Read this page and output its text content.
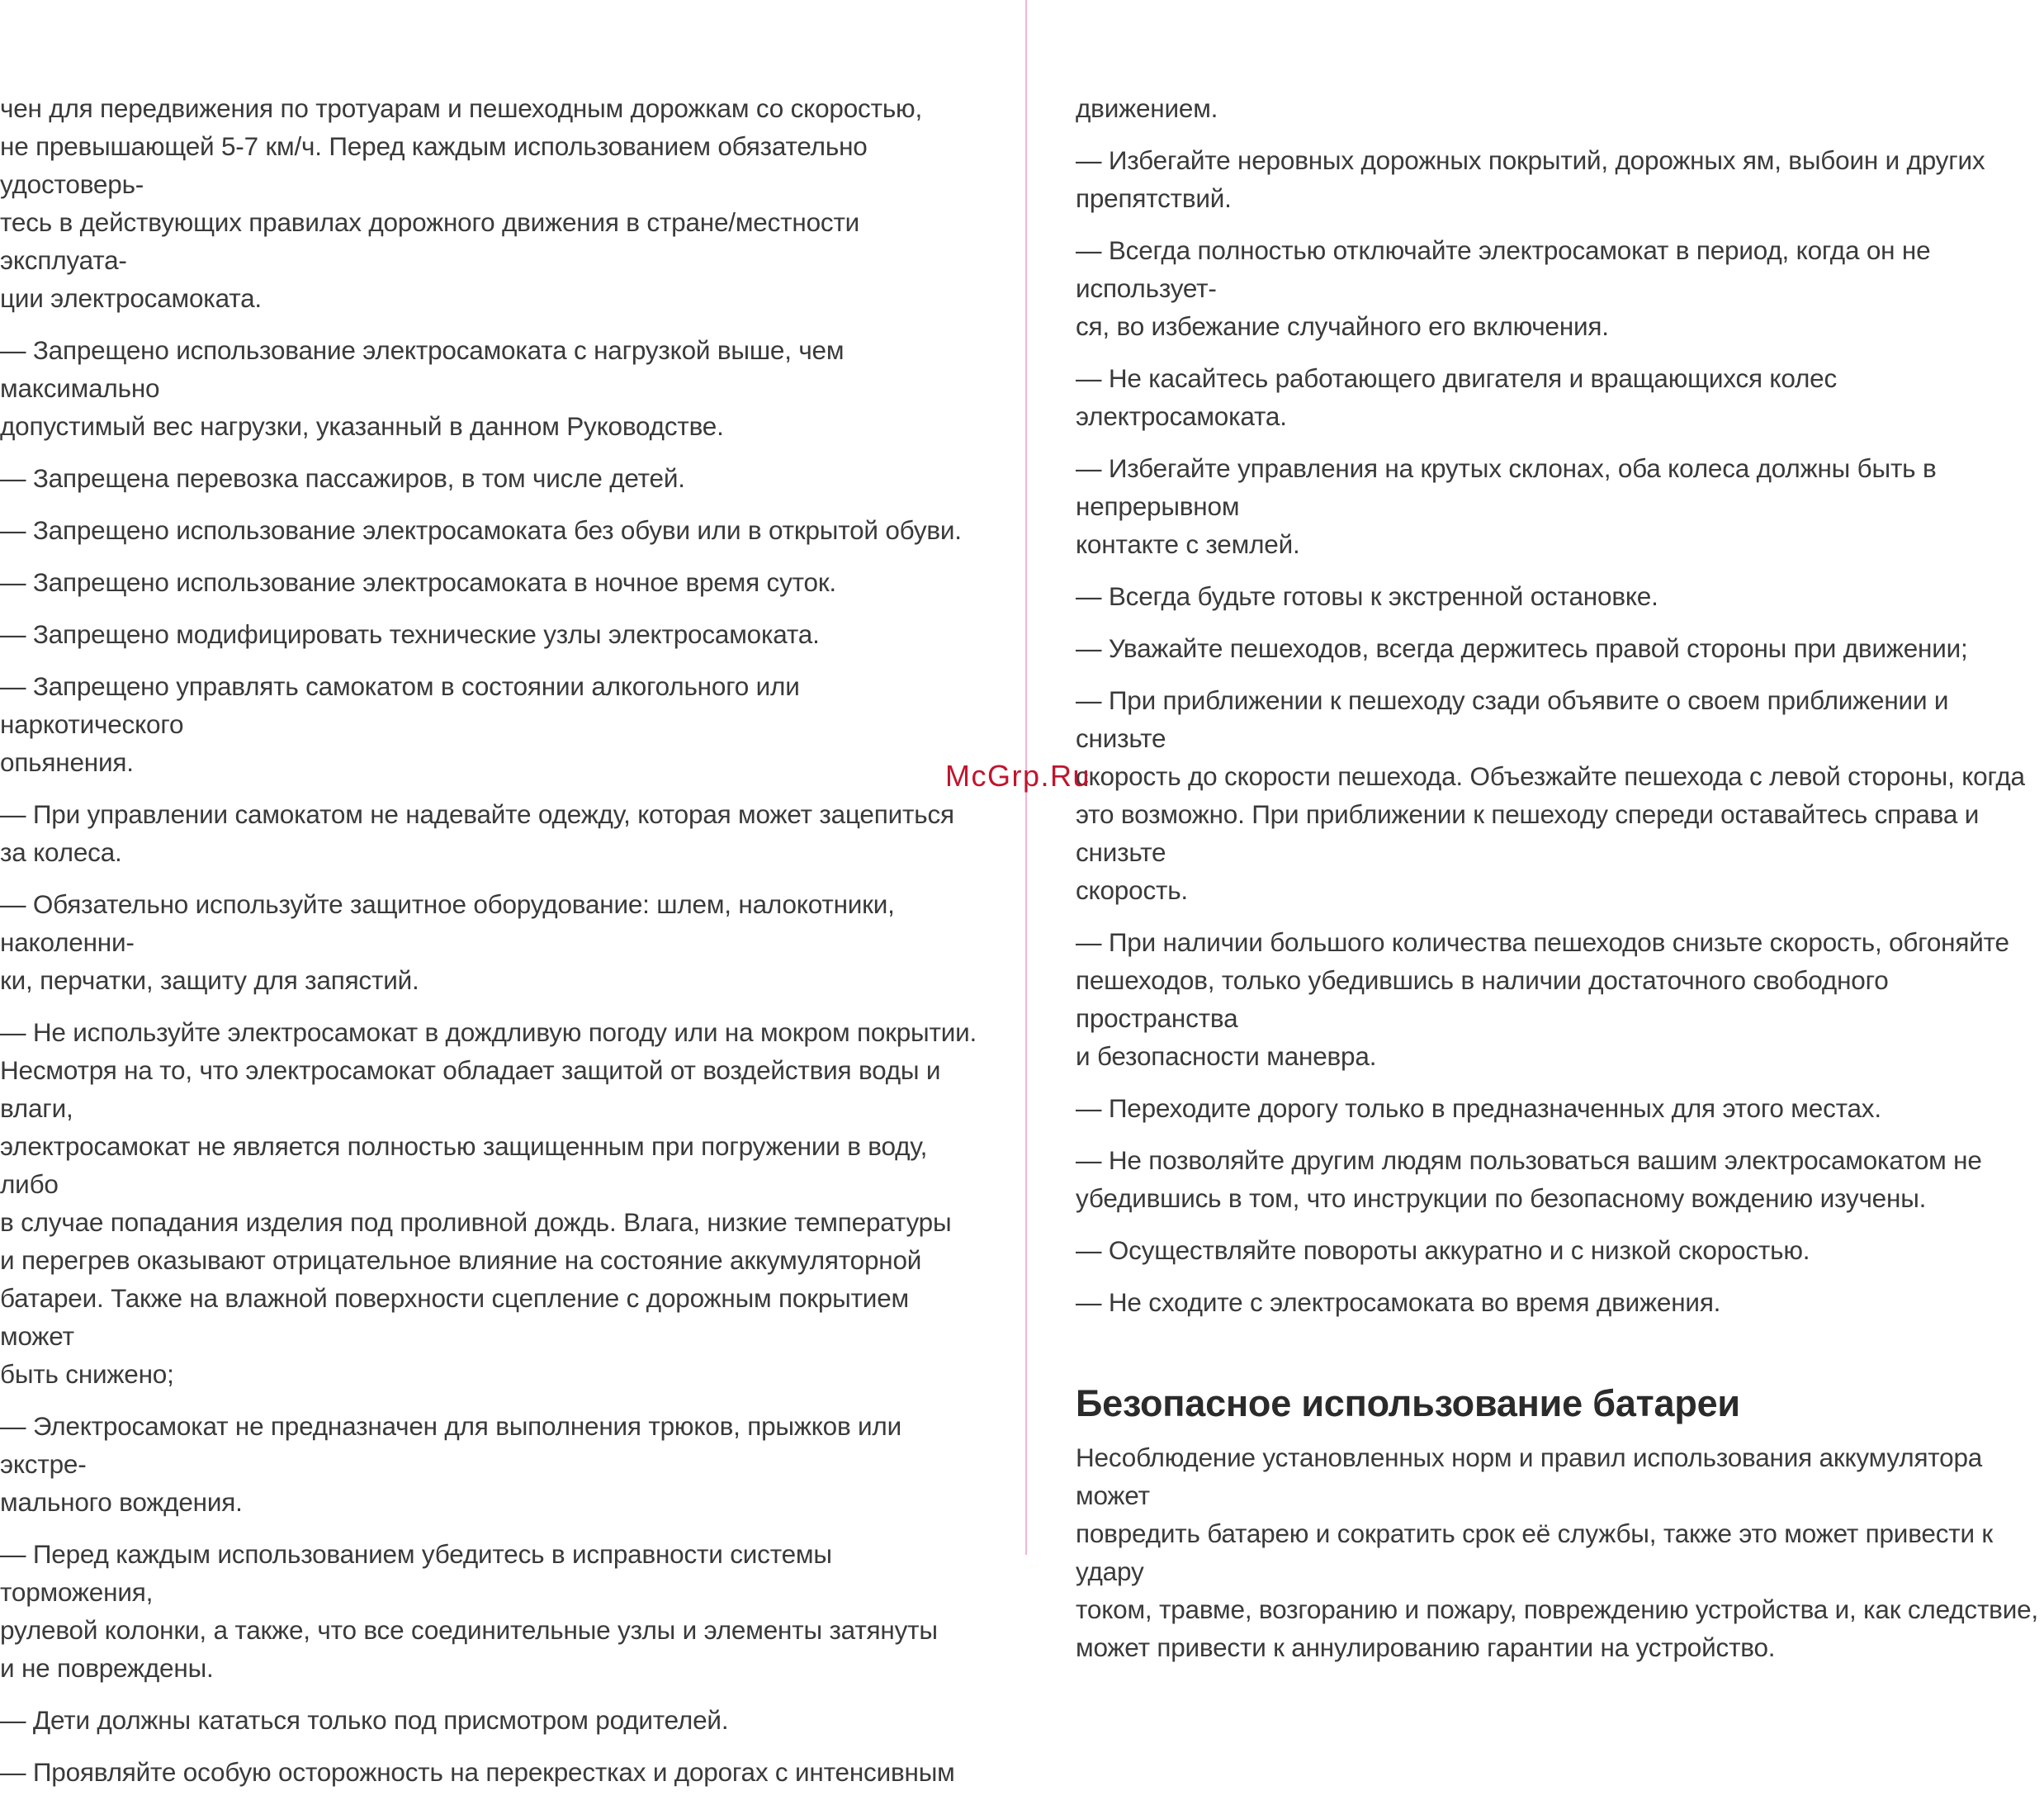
чен для передвижения по тротуарам и пешеходным дорожкам со скоростью,
не превышающей 5-7 км/ч. Перед каждым использованием обязательно удостоверь-
тесь в действующих правилах дорожного движения в стране/местности эксплуата-
ции электросамоката.

— Запрещено использование электросамоката с нагрузкой выше, чем максимально
допустимый вес нагрузки, указанный в данном Руководстве.

— Запрещена перевозка пассажиров, в том числе детей.

— Запрещено использование электросамоката без обуви или в открытой обуви.

— Запрещено использование электросамоката в ночное время суток.

— Запрещено модифицировать технические узлы электросамоката.

— Запрещено управлять самокатом в состоянии алкогольного или наркотического
опьянения.

— При управлении самокатом не надевайте одежду, которая может зацепиться
за колеса.

— Обязательно используйте защитное оборудование: шлем, налокотники, наколенни-
ки, перчатки, защиту для запястий.

— Не используйте электросамокат в дождливую погоду или на мокром покрытии.
Несмотря на то, что электросамокат обладает защитой от воздействия воды и влаги,
электросамокат не является полностью защищенным при погружении в воду, либо
в случае попадания изделия под проливной дождь. Влага, низкие температуры
и перегрев оказывают отрицательное влияние на состояние аккумуляторной
батареи. Также на влажной поверхности сцепление с дорожным покрытием может
быть снижено;

— Электросамокат не предназначен для выполнения трюков, прыжков или экстре-
мального вождения.

— Перед каждым использованием убедитесь в исправности системы торможения,
рулевой колонки, а также, что все соединительные узлы и элементы затянуты
и не повреждены.

— Дети должны кататься только под присмотром родителей.

— Проявляйте особую осторожность на перекрестках и дорогах с интенсивным

движением.

— Избегайте неровных дорожных покрытий, дорожных ям, выбоин и других
препятствий.

— Всегда полностью отключайте электросамокат в период, когда он не использует-
ся, во избежание случайного его включения.

— Не касайтесь работающего двигателя и вращающихся колес электросамоката.

— Избегайте управления на крутых склонах, оба колеса должны быть в непрерывном
контакте с землей.

— Всегда будьте готовы к экстренной остановке.

— Уважайте пешеходов, всегда держитесь правой стороны при движении;

— При приближении к пешеходу сзади объявите о своем приближении и снизьте
скорость до скорости пешехода. Объезжайте пешехода с левой стороны, когда
это возможно. При приближении к пешеходу спереди оставайтесь справа и снизьте
скорость.

— При наличии большого количества пешеходов снизьте скорость, обгоняйте
пешеходов, только убедившись в наличии достаточного свободного пространства
и безопасности маневра.

— Переходите дорогу только в предназначенных для этого местах.

— Не позволяйте другим людям пользоваться вашим электросамокатом не
убедившись в том, что инструкции по безопасному вождению изучены.

— Осуществляйте повороты аккуратно и с низкой скоростью.

— Не сходите с электросамоката во время движения.

Безопасное использование батареи

Несоблюдение установленных норм и правил использования аккумулятора может
повредить батарею и сократить срок её службы, также это может привести к удару
током, травме, возгоранию и пожару, повреждению устройства и, как следствие,
может привести к аннулированию гарантии на устройство.

McGrp.Ru
